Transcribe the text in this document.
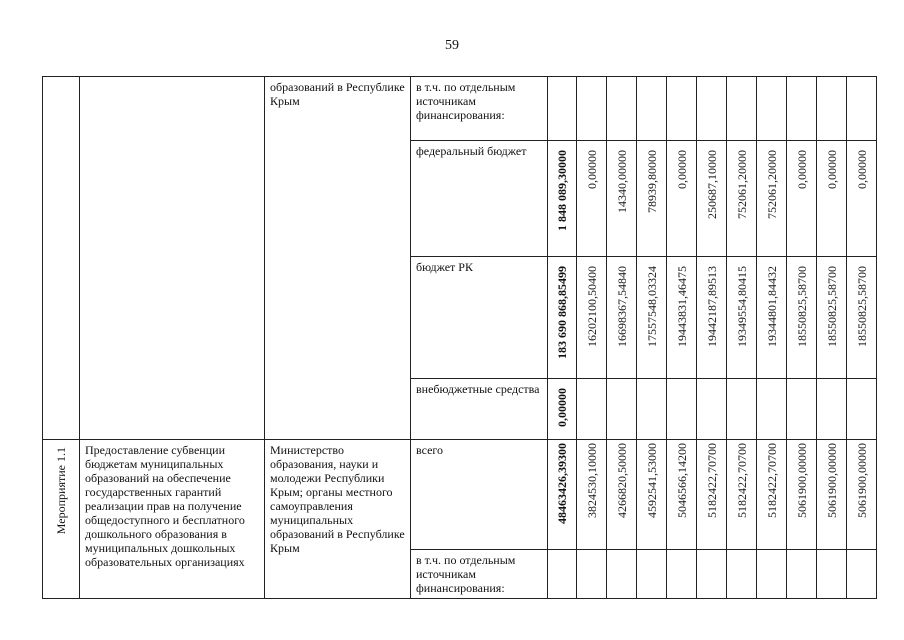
59
		образований в Республике Крым	в т.ч. по отдельным источникам финансирования:											
			федеральный бюджет	1 848 089,30000	0,00000	14340,00000	78939,80000	0,00000	250687,10000	752061,20000	752061,20000	0,00000	0,00000	0,00000

			бюджет РК	183 690 868,85499	16202100,50400	16698367,54840	17557548,03324	19443831,46475	19442187,89513	19349554,80415	19344801,84432	18550825,58700	18550825,58700	18550825,58700

			внебюджетные средства	0,00000										

Мероприятие 1.1	Предоставление субвенции бюджетам муниципальных образований на обеспечение государственных гарантий реализации прав на получение общедоступного и бесплатного дошкольного образования в муниципальных дошкольных образовательных организациях	Министерство образования, науки и молодежи Республики Крым; органы местного самоуправления муниципальных образований в Республике Крым	всего	48463426,39300	3824530,10000	4266820,50000	4592541,53000	5046566,14200	5182422,70700	5182422,70700	5182422,70700	5061900,00000	5061900,00000	5061900,00000

			в т.ч. по отдельным источникам финансирования:											
